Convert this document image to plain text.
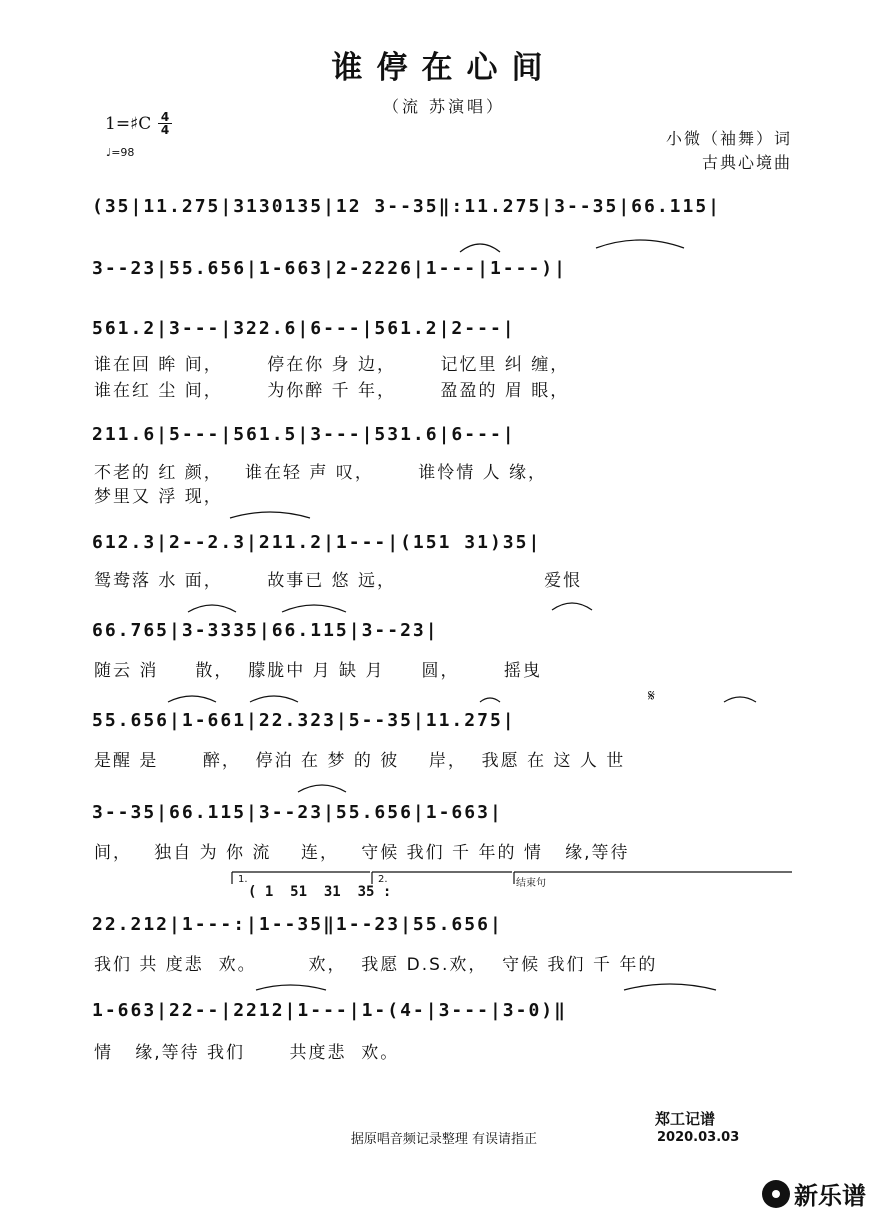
谁停在心间
（流 苏演唱）
1=♯C 4
4
♩=98
小微（袖舞）词
古典心境曲
(35|11.275|3130135|12 3--35‖:11.275|3--35|66.115|
3--23|55.656|1-663|2-2226|1---|1---)|
561.2|3---|322.6|6---|561.2|2---|
谁在回 眸 间，      停在你 身 边，      记忆里 纠 缠，
谁在红 尘 间，      为你醉 千 年，      盈盈的 眉 眼，
211.6|5---|561.5|3---|531.6|6---|
不老的 红 颜，   谁在轻 声 叹，      谁怜情 人 缘，
梦里又 浮 现，
612.3|2--2.3|211.2|1---|(151 31)35|
鸳鸯落 水 面，      故事已 悠 远，                    爱恨
66.765|3-3335|66.115|3--23|
随云 消     散，  朦胧中 月 缺 月     圆，      摇曳
55.656|1-661|22.323|5--35|11.275|
是醒 是      醉，  停泊 在 梦 的 彼    岸，  我愿 在 这 人 世
3--35|66.115|3--23|55.656|1-663|
间，   独自 为 你 流    连，   守候 我们 千 年的 情   缘,等待
1.	2.	结束句
( 1  51  31  35 :
𝄋
22.212|1---:|1--35‖1--23|55.656|
我们 共 度悲  欢。       欢，  我愿 D.S.欢，  守候 我们 千 年的
1-663|22--|2212|1---|1-(4-|3---|3-0)‖
情   缘,等待 我们      共度悲  欢。
据原唱音频记录整理 有误请指正
郑工记谱
2020.03.03
新乐谱
